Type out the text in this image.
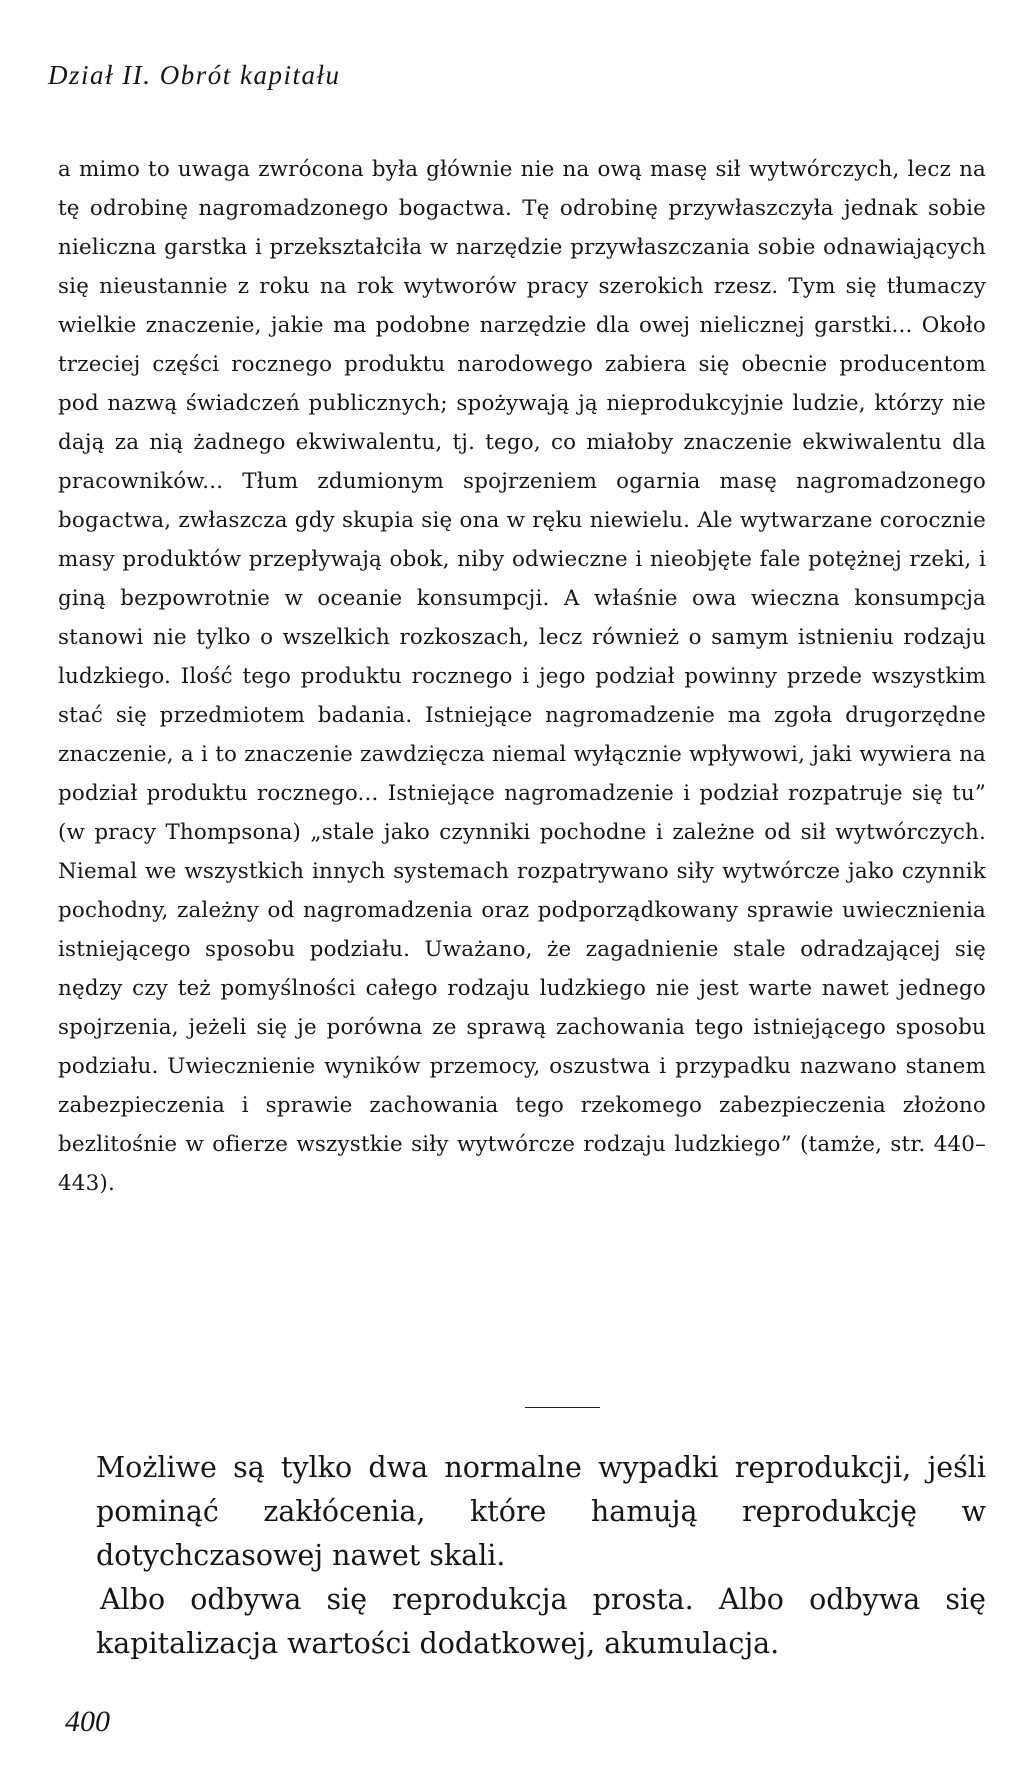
Dział II. Obrót kapitału

a mimo to uwaga zwrócona była głównie nie na ową masę sił wytwórczych, lecz na tę odrobinę nagromadzonego bogactwa. Tę odrobinę przywłaszczyła jednak sobie nieliczna garstka i przekształciła w narzędzie przywłaszczania sobie odnawiających się nieustannie z roku na rok wytworów pracy szerokich rzesz. Tym się tłumaczy wielkie znaczenie, jakie ma podobne narzędzie dla owej nielicznej garstki... Około trzeciej części rocznego produktu narodowego zabiera się obecnie producentom pod nazwą świadczeń publicznych; spożywają ją nieprodukcyjnie ludzie, którzy nie dają za nią żadnego ekwiwalentu, tj. tego, co miałoby znaczenie ekwiwalentu dla pracowników... Tłum zdumionym spojrzeniem ogarnia masę nagromadzonego bogactwa, zwłaszcza gdy skupia się ona w ręku niewielu. Ale wytwarzane corocznie masy produktów przepływają obok, niby odwieczne i nieobjęte fale potężnej rzeki, i giną bezpowrotnie w oceanie konsumpcji. A właśnie owa wieczna konsumpcja stanowi nie tylko o wszelkich rozkoszach, lecz również o samym istnieniu rodzaju ludzkiego. Ilość tego produktu rocznego i jego podział powinny przede wszystkim stać się przedmiotem badania. Istniejące nagromadzenie ma zgoła drugorzędne znaczenie, a i to znaczenie zawdzięcza niemal wyłącznie wpływowi, jaki wywiera na podział produktu rocznego... Istniejące nagromadzenie i podział rozpatruje się tu” (w pracy Thompsona) „stale jako czynniki pochodne i zależne od sił wytwórczych. Niemal we wszystkich innych systemach rozpatrywano siły wytwórcze jako czynnik pochodny, zależny od nagromadzenia oraz podporządkowany sprawie uwiecznienia istniejącego sposobu podziału. Uważano, że zagadnienie stale odradzającej się nędzy czy też pomyślności całego rodzaju ludzkiego nie jest warte nawet jednego spojrzenia, jeżeli się je porówna ze sprawą zachowania tego istniejącego sposobu podziału. Uwiecznienie wyników przemocy, oszustwa i przypadku nazwano stanem zabezpieczenia i sprawie zachowania tego rzekomego zabezpieczenia złożono bezlitośnie w ofierze wszystkie siły wytwórcze rodzaju ludzkiego” (tamże, str. 440–443).

Możliwe są tylko dwa normalne wypadki reprodukcji, jeśli pominąć zakłócenia, które hamują reprodukcję w dotychczasowej nawet skali.

Albo odbywa się reprodukcja prosta. Albo odbywa się kapitalizacja wartości dodatkowej, akumulacja.

400
